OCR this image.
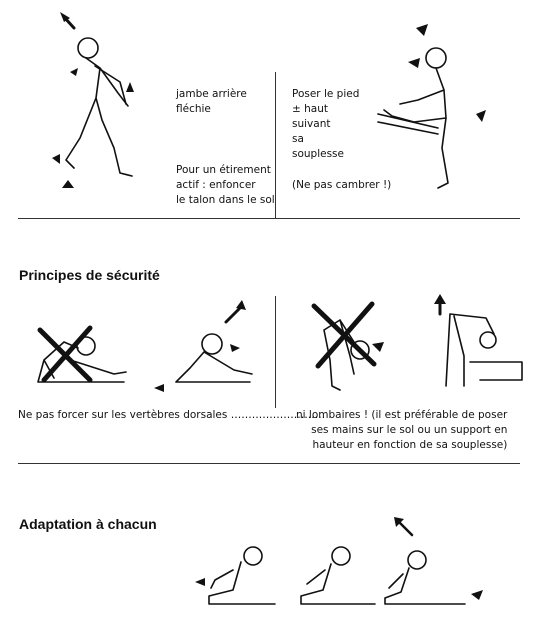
jambe arrière
fléchie
Pour un étirement
actif : enfoncer
le talon dans le sol
Poser le pied
± haut
suivant
sa
souplesse
(Ne pas cambrer !)
Principes de sécurité
Ne pas forcer sur les vertèbres dorsales ………………………
ni lombaires ! (il est préférable de poser
ses mains sur le sol ou un support en
hauteur en fonction de sa souplesse)
Adaptation à chacun
